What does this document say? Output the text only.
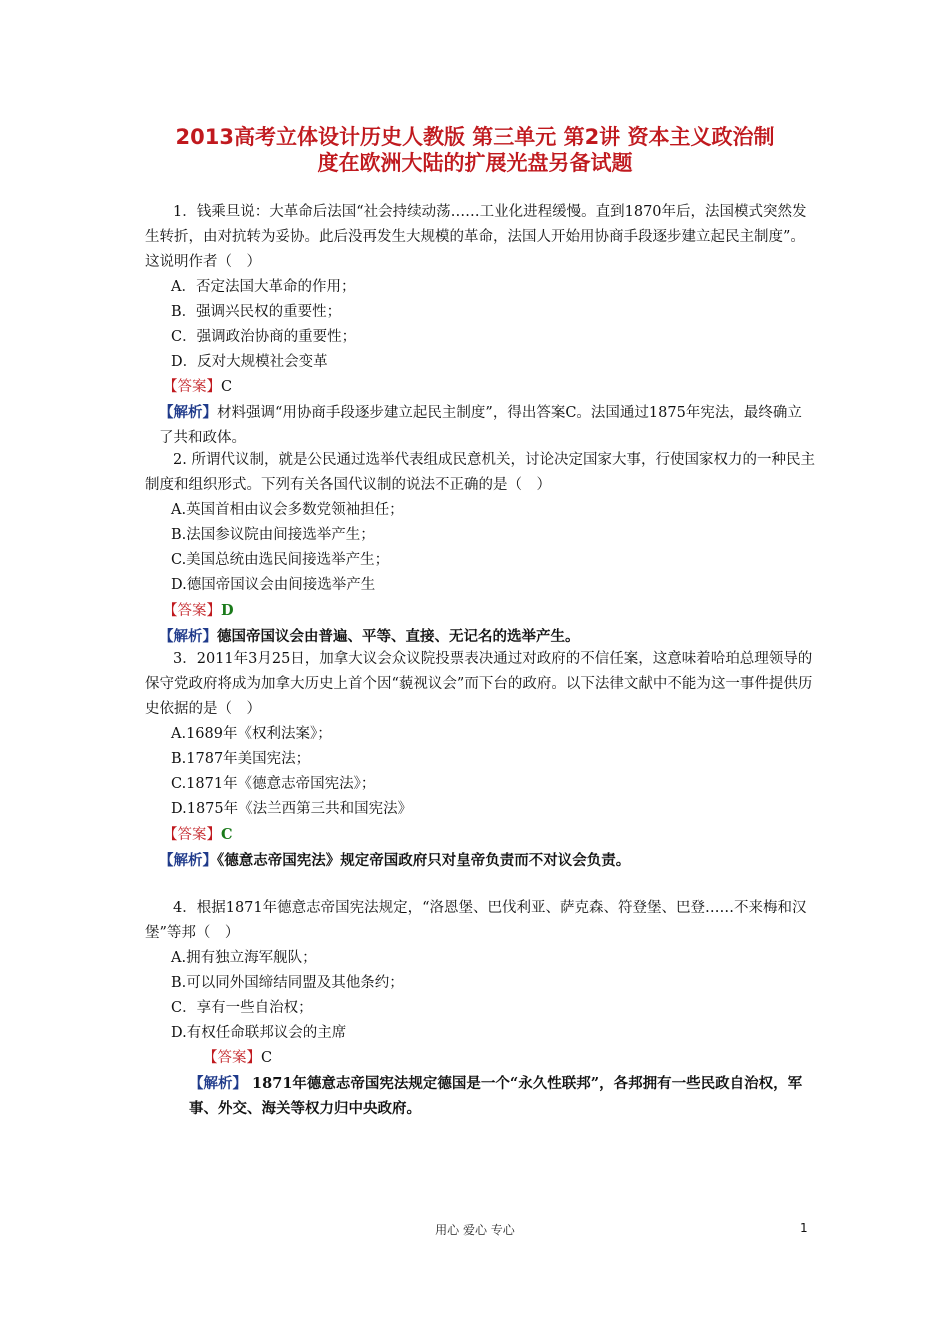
2013高考立体设计历史人教版 第三单元 第2讲 资本主义政治制
度在欧洲大陆的扩展光盘另备试题
1．钱乘旦说：大革命后法国“社会持续动荡……工业化进程缓慢。直到1870年后，法国模式突然发生转折，由对抗转为妥协。此后没再发生大规模的革命，法国人开始用协商手段逐步建立起民主制度”。这说明作者（　）
A．否定法国大革命的作用；
B．强调兴民权的重要性；
C．强调政治协商的重要性；
D．反对大规模社会变革
【答案】C
【解析】材料强调“用协商手段逐步建立起民主制度”，得出答案C。法国通过1875年宪法，最终确立了共和政体。
2. 所谓代议制，就是公民通过选举代表组成民意机关，讨论决定国家大事，行使国家权力的一种民主制度和组织形式。下列有关各国代议制的说法不正确的是（　）
A.英国首相由议会多数党领袖担任；
B.法国参议院由间接选举产生；
C.美国总统由选民间接选举产生；
D.德国帝国议会由间接选举产生
【答案】D
【解析】德国帝国议会由普遍、平等、直接、无记名的选举产生。
3．2011年3月25日，加拿大议会众议院投票表决通过对政府的不信任案，这意味着哈珀总理领导的保守党政府将成为加拿大历史上首个因“藐视议会”而下台的政府。以下法律文献中不能为这一事件提供历史依据的是（　）
A.1689年《权利法案》；
B.1787年美国宪法；
C.1871年《德意志帝国宪法》；
D.1875年《法兰西第三共和国宪法》
【答案】C
【解析】《德意志帝国宪法》规定帝国政府只对皇帝负责而不对议会负责。
4．根据1871年德意志帝国宪法规定，“洛恩堡、巴伐利亚、萨克森、符登堡、巴登……不来梅和汉堡”等邦（　）
A.拥有独立海军舰队；
B.可以同外国缔结同盟及其他条约；
C．享有一些自治权；
D.有权任命联邦议会的主席
【答案】C
【解析】 1871年德意志帝国宪法规定德国是一个“永久性联邦”，各邦拥有一些民政自治权，军事、外交、海关等权力归中央政府。
用心 爱心 专心	1
